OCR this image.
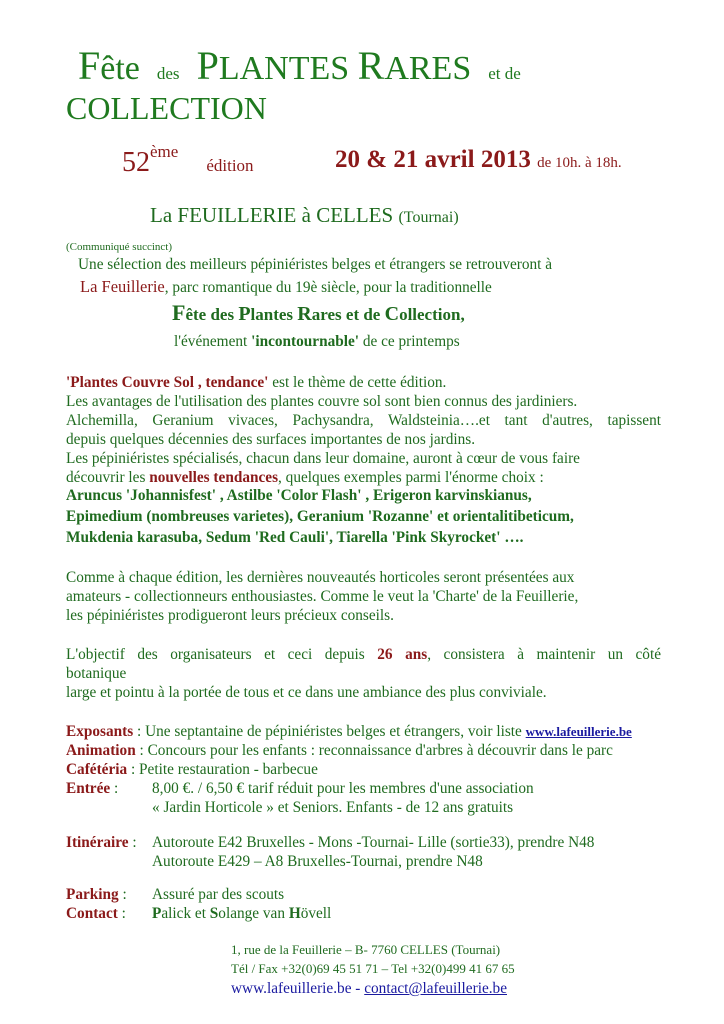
Fête des PLANTES RARES et de
COLLECTION
52ème    édition	20 & 21 avril 2013 de 10h. à 18h.
La FEUILLERIE à CELLES (Tournai)
(Communiqué succinct)
Une sélection des meilleurs pépiniéristes belges et étrangers se retrouveront à
La Feuillerie, parc romantique du 19è siècle, pour la traditionnelle
Fête des Plantes Rares et de Collection,
l'événement 'incontournable' de ce printemps
'Plantes Couvre Sol , tendance' est le thème de cette édition.
Les avantages de l'utilisation des plantes couvre sol sont bien connus des jardiniers.
Alchemilla, Geranium vivaces, Pachysandra, Waldsteinia….et tant d'autres, tapissent
depuis quelques décennies des surfaces importantes de nos jardins.
Les pépiniéristes spécialisés, chacun dans leur domaine, auront à cœur de vous faire
découvrir les nouvelles tendances, quelques exemples parmi l'énorme choix :
Aruncus 'Johannisfest' , Astilbe 'Color Flash' , Erigeron karvinskianus,
Epimedium (nombreuses varietes), Geranium 'Rozanne' et orientalitibeticum,
Mukdenia karasuba, Sedum 'Red Cauli', Tiarella 'Pink Skyrocket' ….
Comme à chaque édition, les dernières nouveautés horticoles seront présentées aux
amateurs - collectionneurs enthousiastes. Comme le veut la 'Charte' de la Feuillerie,
les pépiniéristes prodigueront leurs précieux conseils.
L'objectif des organisateurs et ceci depuis 26 ans, consistera à maintenir un côté
botanique
large et pointu à la portée de tous et ce dans une ambiance des plus conviviale.
Exposants : Une septantaine de pépiniéristes belges et étrangers, voir liste www.lafeuillerie.be
Animation : Concours pour les enfants : reconnaissance d'arbres à découvrir dans le parc
Cafétéria : Petite restauration - barbecue
Entrée : 8,00 €. / 6,50 € tarif réduit pour les membres d'une association
« Jardin Horticole » et Seniors. Enfants - de 12 ans gratuits
Itinéraire : Autoroute E42 Bruxelles - Mons -Tournai- Lille (sortie33), prendre N48
Autoroute E429 – A8 Bruxelles-Tournai, prendre N48
Parking : Assuré par des scouts
Contact : Palick et Solange van Hövell
1, rue de la Feuillerie – B- 7760 CELLES (Tournai)
Tél / Fax +32(0)69 45 51 71 – Tel +32(0)499 41 67 65
www.lafeuillerie.be - contact@lafeuillerie.be
